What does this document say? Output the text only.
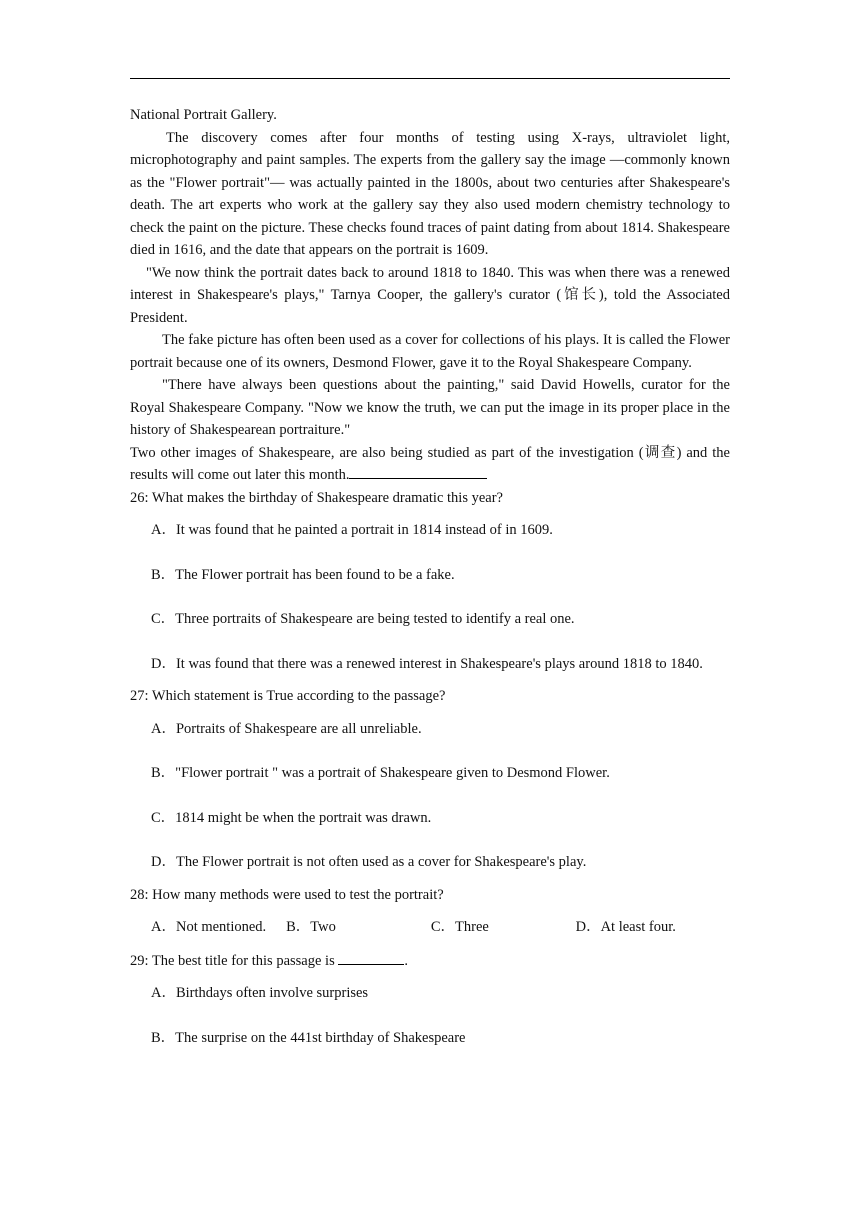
National Portrait Gallery.

The discovery comes after four months of testing using X-rays, ultraviolet light, microphotography and paint samples. The experts from the gallery say the image —commonly known as the "Flower portrait"— was actually painted in the 1800s, about two centuries after Shakespeare's death. The art experts who work at the gallery say they also used modern chemistry technology to check the paint on the picture. These checks found traces of paint dating from about 1814. Shakespeare died in 1616, and the date that appears on the portrait is 1609.

"We now think the portrait dates back to around 1818 to 1840. This was when there was a renewed interest in Shakespeare's plays," Tarnya Cooper, the gallery's curator (馆长), told the Associated President.

The fake picture has often been used as a cover for collections of his plays. It is called the Flower portrait because one of its owners, Desmond Flower, gave it to the Royal Shakespeare Company.

"There have always been questions about the painting," said David Howells, curator for the Royal Shakespeare Company. "Now we know the truth, we can put the image in its proper place in the history of Shakespearean portraiture."

Two other images of Shakespeare, are also being studied as part of the investigation (调查) and the results will come out later this month.

26: What makes the birthday of Shakespeare dramatic this year?
A．It was found that he painted a portrait in 1814 instead of in 1609.
B．The Flower portrait has been found to be a fake.
C．Three portraits of Shakespeare are being tested to identify a real one.
D．It was found that there was a renewed interest in Shakespeare's plays around 1818 to 1840.
27: Which statement is True according to the passage?
A．Portraits of Shakespeare are all unreliable.
B．"Flower portrait " was a portrait of Shakespeare given to Desmond Flower.
C．1814 might be when the portrait was drawn.
D．The Flower portrait is not often used as a cover for Shakespeare's play.
28: How many methods were used to test the portrait?
A．Not mentioned.	B．Two	C．Three	D．At least four.
29: The best title for this passage is	.
A．Birthdays often involve surprises
B．The surprise on the 441st birthday of Shakespeare
